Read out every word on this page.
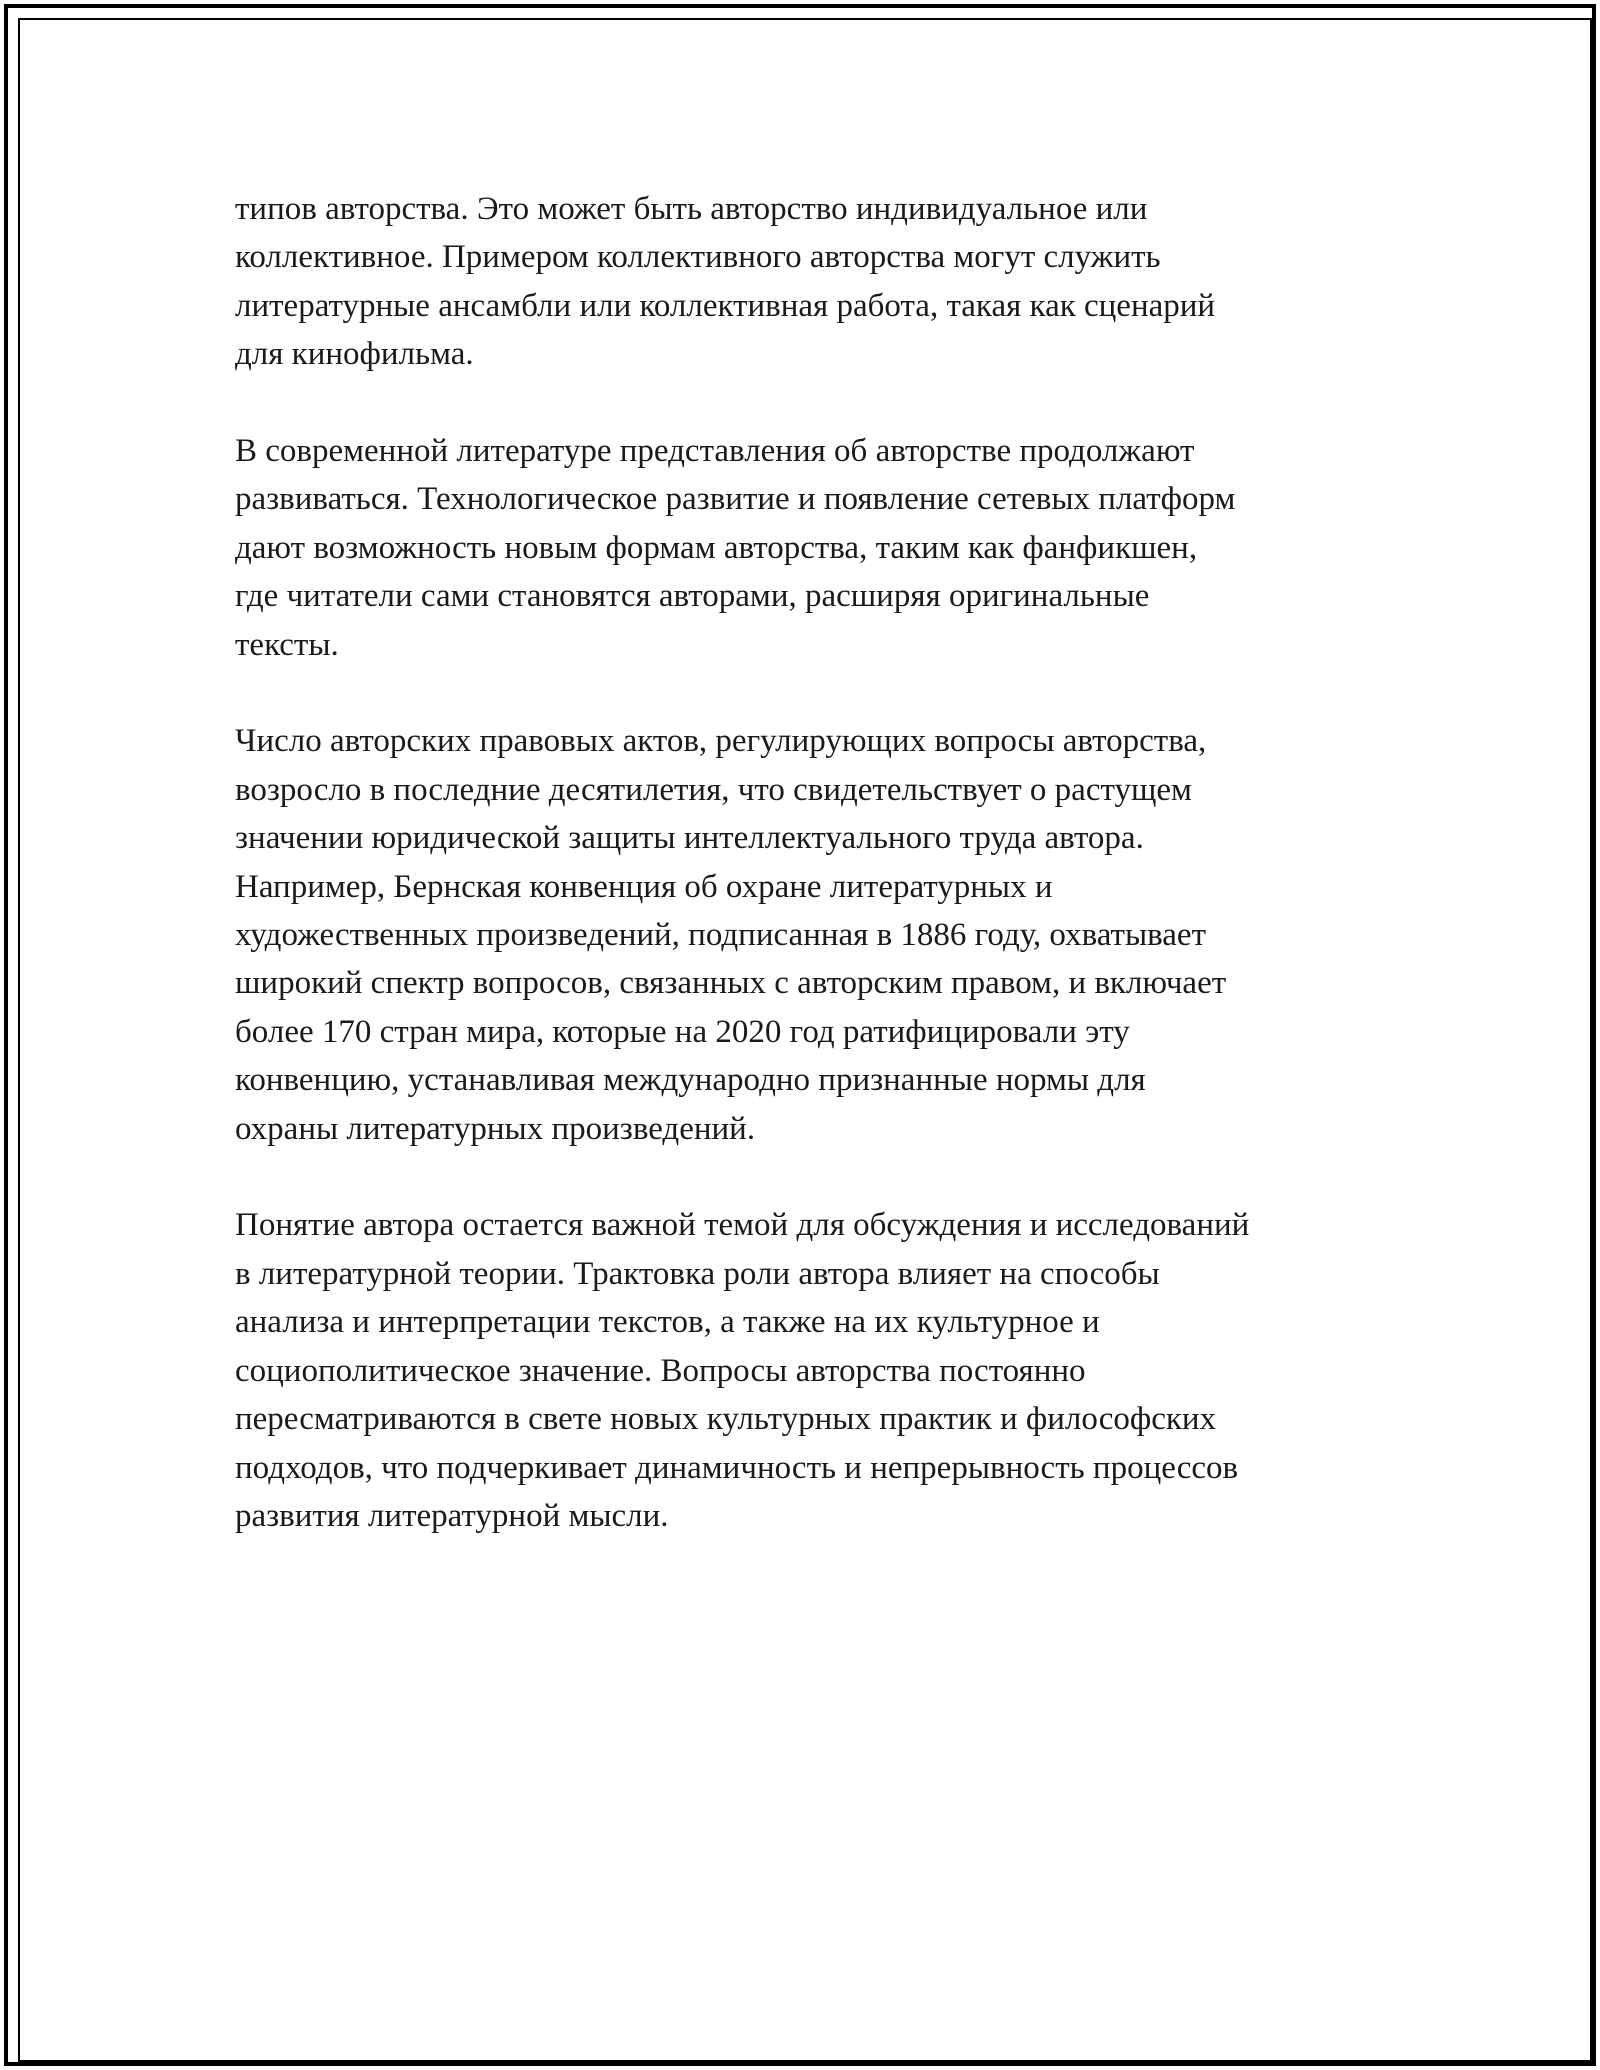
типов авторства. Это может быть авторство индивидуальное или
коллективное. Примером коллективного авторства могут служить
литературные ансамбли или коллективная работа, такая как сценарий
для кинофильма.

В современной литературе представления об авторстве продолжают
развиваться. Технологическое развитие и появление сетевых платформ
дают возможность новым формам авторства, таким как фанфикшен,
где читатели сами становятся авторами, расширяя оригинальные
тексты.

Число авторских правовых актов, регулирующих вопросы авторства,
возросло в последние десятилетия, что свидетельствует о растущем
значении юридической защиты интеллектуального труда автора.
Например, Бернская конвенция об охране литературных и
художественных произведений, подписанная в 1886 году, охватывает
широкий спектр вопросов, связанных с авторским правом, и включает
более 170 стран мира, которые на 2020 год ратифицировали эту
конвенцию, устанавливая международно признанные нормы для
охраны литературных произведений.

Понятие автора остается важной темой для обсуждения и исследований
в литературной теории. Трактовка роли автора влияет на способы
анализа и интерпретации текстов, а также на их культурное и
социополитическое значение. Вопросы авторства постоянно
пересматриваются в свете новых культурных практик и философских
подходов, что подчеркивает динамичность и непрерывность процессов
развития литературной мысли.
